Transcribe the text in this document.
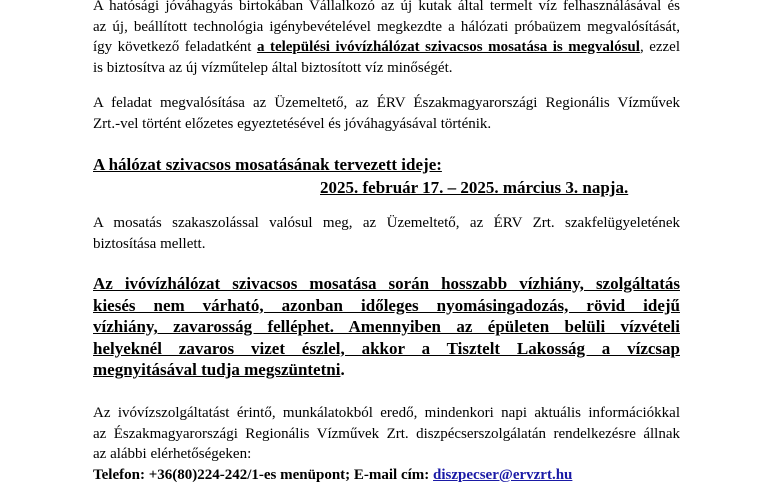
A hatósági jóváhagyás birtokában Vállalkozó az új kutak által termelt víz felhasználásával és
az új, beállított technológia igénybevételével megkezdte a hálózati próbaüzem megvalósítását,
így következő feladatként a települési ivóvízhálózat szivacsos mosatása is megvalósul, ezzel
is biztosítva az új vízműtelep által biztosított víz minőségét.
A feladat megvalósítása az Üzemeltető, az ÉRV Északmagyarországi Regionális Vízművek
Zrt.-vel történt előzetes egyeztetésével és jóváhagyásával történik.
A hálózat szivacsos mosatásának tervezett ideje:
2025. február 17. – 2025. március 3. napja.
A mosatás szakaszolással valósul meg, az Üzemeltető, az ÉRV Zrt. szakfelügyeletének
biztosítása mellett.
Az ivóvízhálózat szivacsos mosatása során hosszabb vízhiány, szolgáltatás
kiesés nem várható, azonban időleges nyomásingadozás, rövid idejű
vízhiány, zavarosság felléphet. Amennyiben az épületen belüli vízvételi
helyeknél zavaros vizet észlel, akkor a Tisztelt Lakosság a vízcsap
megnyitásával tudja megszüntetni.
Az ivóvízszolgáltatást érintő, munkálatokból eredő, mindenkori napi aktuális információkkal
az Északmagyarországi Regionális Vízművek Zrt. diszpécserszolgálatán rendelkezésre állnak
az alábbi elérhetőségeken:
Telefon: +36(80)224-242/1-es menüpont; E-mail cím: diszpecser@ervzrt.hu
